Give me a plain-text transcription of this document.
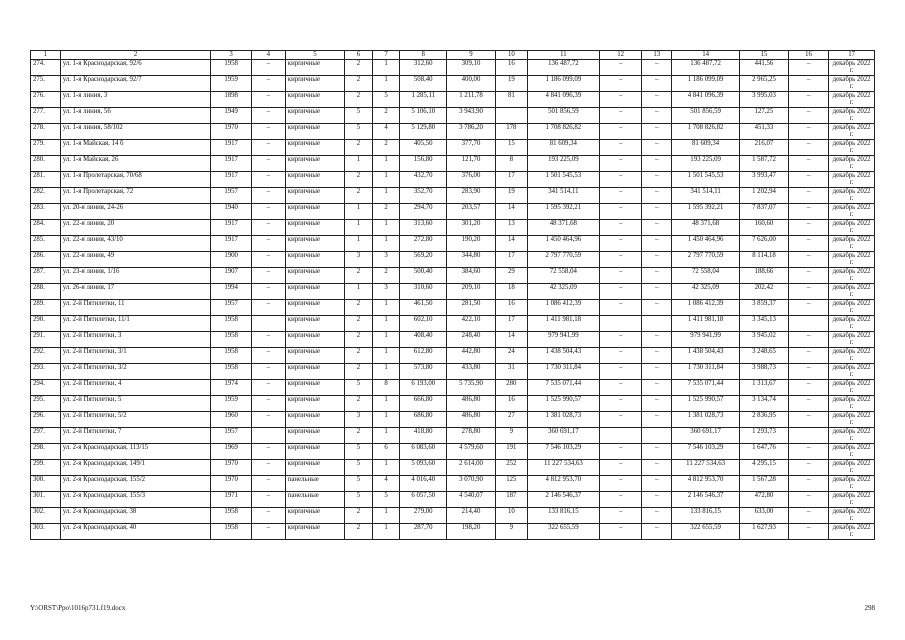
1	2	3	4	5	6	7	8	9	10	11	12	13	14	15	16	17
274.	ул. 1-я Краснодарская, 92/6	1958	–	кирпичные	2	1	312,60	309,10	16	136 487,72	–	–	136 487,72	441,56	–	декабрь 2022 г.
275.	ул. 1-я Краснодарская, 92/7	1959	–	кирпичные	2	1	508,40	400,00	19	1 186 099,09	–	–	1 186 099,09	2 965,25	–	декабрь 2022 г.
276.	ул. 1-я линия, 3	1898	–	кирпичные	2	5	1 285,11	1 211,78	81	4 841 096,39	–	–	4 841 096,39	3 995,03	–	декабрь 2022 г.
277.	ул. 1-я линия, 56	1949	–	кирпичные	5	2	5 106,10	3 943,90		501 856,59	–	–	501 856,59	127,25	–	декабрь 2022 г.
278.	ул. 1-я линия, 58/102	1970	–	кирпичные	5	4	5 129,80	3 786,20	178	1 708 826,82	–	–	1 708 826,82	451,33	–	декабрь 2022 г.
279.	ул. 1-я Майская, 14 б	1917	–	кирпичные	2	2	405,50	377,70	15	81 609,34	–	–	81 609,34	216,07	–	декабрь 2022 г.
280.	ул. 1-я Майская, 26	1917	–	кирпичные	1	1	156,80	121,70	8	193 225,09	–	–	193 225,09	1 587,72	–	декабрь 2022 г.
281.	ул. 1-я Пролетарская, 70/68	1917	–	кирпичные	2	1	432,70	376,00	17	1 501 545,53	–	–	1 501 545,53	3 993,47	–	декабрь 2022 г.
282.	ул. 1-я Пролетарская, 72	1957	–	кирпичные	2	1	352,70	283,90	19	341 514,11	–	–	341 514,11	1 202,94	–	декабрь 2022 г.
283.	ул. 20-я линия, 24-26	1940	–	кирпичные	1	2	294,70	203,57	14	1 595 392,21	–	–	1 595 392,21	7 837,07	–	декабрь 2022 г.
284.	ул. 22-я линия, 20	1917	–	кирпичные	1	1	313,60	301,20	13	48 371,68	–	–	48 371,68	160,60	–	декабрь 2022 г.
285.	ул. 22-я линия, 43/10	1917	–	кирпичные	1	1	272,80	190,20	14	1 450 464,96	–	–	1 450 464,96	7 626,00	–	декабрь 2022 г.
286.	ул. 22-я линия, 49	1900	–	кирпичные	3	3	569,20	344,80	17	2 797 770,59	–	–	2 797 770,59	8 114,18	–	декабрь 2022 г.
287.	ул. 23-я линия, 1/16	1907	–	кирпичные	2	2	500,40	384,60	29	72 558,04	–	–	72 558,04	188,66	–	декабрь 2022 г.
288.	ул. 26-я линия, 17	1994	–	кирпичные	1	3	310,60	209,10	18	42 325,09	–	–	42 325,09	202,42	–	декабрь 2022 г.
289.	ул. 2-й Пятилетки, 11	1957	–	кирпичные	2	1	461,50	281,50	16	1 086 412,39	–	–	1 086 412,39	3 859,37	–	декабрь 2022 г.
290.	ул. 2-й Пятилетки, 11/1	1958		кирпичные	2	1	602,10	422,10	17	1 411 981,18			1 411 981,18	3 345,13		декабрь 2022 г.
291.	ул. 2-й Пятилетки, 3	1958	–	кирпичные	2	1	408,40	248,40	14	979 941,99	–	–	979 941,99	3 945,02	–	декабрь 2022 г.
292.	ул. 2-й Пятилетки, 3/1	1958	–	кирпичные	2	1	612,80	442,80	24	1 438 504,43	–	–	1 438 504,43	3 248,65	–	декабрь 2022 г.
293.	ул. 2-й Пятилетки, 3/2	1958	–	кирпичные	2	1	573,80	433,80	31	1 730 311,84	–	–	1 730 311,84	3 988,73	–	декабрь 2022 г.
294.	ул. 2-й Пятилетки, 4	1974	–	кирпичные	5	8	6 193,00	5 735,90	280	7 535 071,44	–	–	7 535 071,44	1 313,67	–	декабрь 2022 г.
295.	ул. 2-й Пятилетки, 5	1959	–	кирпичные	2	1	666,80	486,80	16	1 525 990,57	–	–	1 525 990,57	3 134,74	–	декабрь 2022 г.
296.	ул. 2-й Пятилетки, 5/2	1960	–	кирпичные	3	1	686,80	486,80	27	1 381 028,73	–	–	1 381 028,73	2 836,95	–	декабрь 2022 г.
297.	ул. 2-й Пятилетки, 7	1957		кирпичные	2	1	418,80	278,80	9	360 691,17			360 691,17	1 293,73		декабрь 2022 г.
298.	ул. 2-я Краснодарская, 113/15	1969	–	кирпичные	5	6	6 083,60	4 579,60	191	7 546 103,29	–	–	7 546 103,29	1 647,76	–	декабрь 2022 г.
299.	ул. 2-я Краснодарская, 149/1	1970	–	кирпичные	5	1	5 093,60	2 614,00	252	11 227 534,63	–	–	11 227 534,63	4 295,15	–	декабрь 2022 г.
300.	ул. 2-я Краснодарская, 155/2	1970	–	панельные	5	4	4 016,40	3 070,90	125	4 812 953,70	–	–	4 812 953,70	1 567,28	–	декабрь 2022 г.
301.	ул. 2-я Краснодарская, 155/3	1971	–	панельные	5	5	6 057,50	4 540,07	187	2 146 546,37	–	–	2 146 546,37	472,80	–	декабрь 2022 г.
302.	ул. 2-я Краснодарская, 38	1958	–	кирпичные	2	1	279,00	214,40	10	133 816,15	–	–	133 816,15	633,00	–	декабрь 2022 г.
303.	ул. 2-я Краснодарская, 40	1958	–	кирпичные	2	1	287,70	198,20	9	322 655,59	–	–	322 655,59	1 627,93	–	декабрь 2022 г.
Y:\ORST\Ppo\1016p731.f19.docx	298
